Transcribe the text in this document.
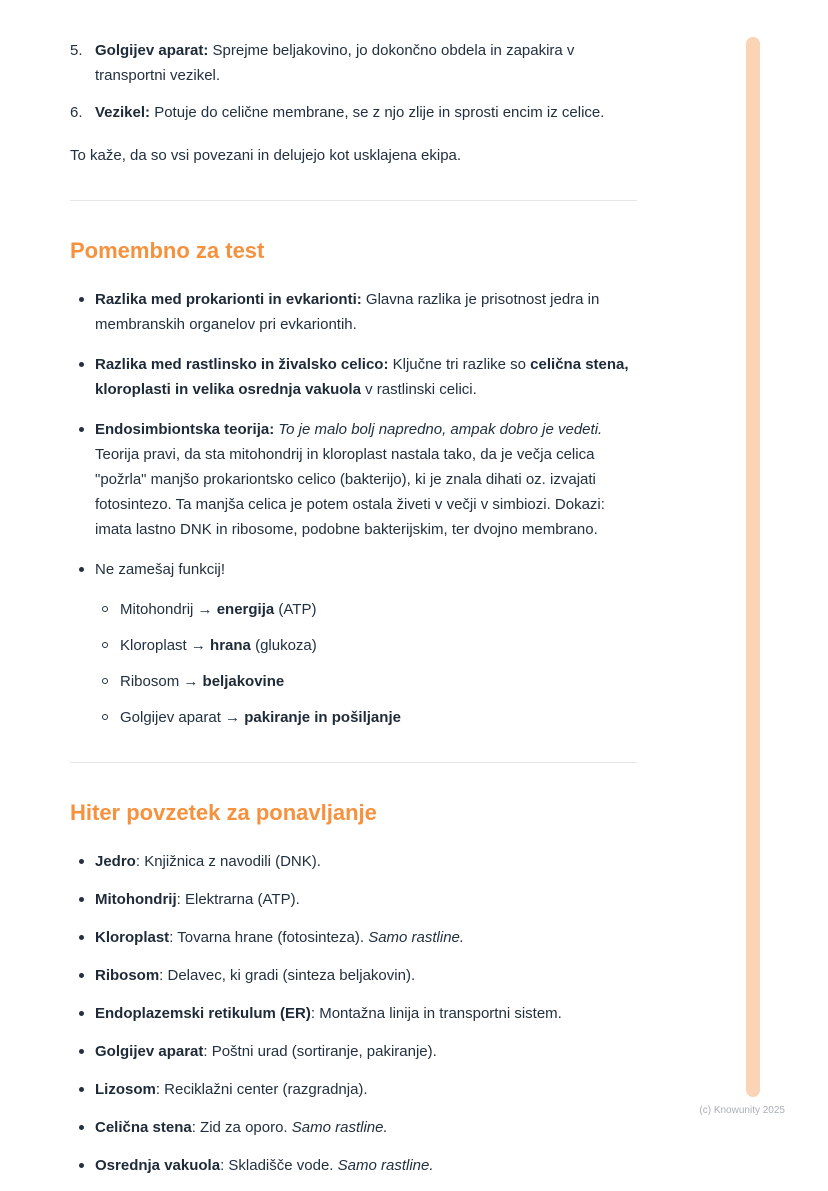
5. Golgijev aparat: Sprejme beljakovino, jo dokončno obdela in zapakira v transportni vezikel.

6. Vezikel: Potuje do celične membrane, se z njo zlije in sprosti encim iz celice.

To kaže, da so vsi povezani in delujejo kot usklajena ekipa.

Pomembno za test

Razlika med prokarionti in evkarionti: Glavna razlika je prisotnost jedra in membranskih organelov pri evkariontih.

Razlika med rastlinsko in živalsko celico: Ključne tri razlike so celična stena, kloroplasti in velika osrednja vakuola v rastlinski celici.

Endosimbiontska teorija: To je malo bolj napredno, ampak dobro je vedeti. Teorija pravi, da sta mitohondrij in kloroplast nastala tako, da je večja celica "požrla" manjšo prokariontsko celico (bakterijo), ki je znala dihati oz. izvajati fotosintezo. Ta manjša celica je potem ostala živeti v večji v simbiozi. Dokazi: imata lastno DNK in ribosome, podobne bakterijskim, ter dvojno membrano.

Ne zamešaj funkcij!

Mitohondrij → energija (ATP)

Kloroplast → hrana (glukoza)

Ribosom → beljakovine

Golgijev aparat → pakiranje in pošiljanje

Hiter povzetek za ponavljanje

Jedro: Knjižnica z navodili (DNK).

Mitohondrij: Elektrarna (ATP).

Kloroplast: Tovarna hrane (fotosinteza). Samo rastline.

Ribosom: Delavec, ki gradi (sinteza beljakovin).

Endoplazemski retikulum (ER): Montažna linija in transportni sistem.

Golgijev aparat: Poštni urad (sortiranje, pakiranje).

Lizosom: Reciklažni center (razgradnja).

Celična stena: Zid za oporo. Samo rastline.

Osrednja vakuola: Skladišče vode. Samo rastline.

(c) Knowunity 2025
